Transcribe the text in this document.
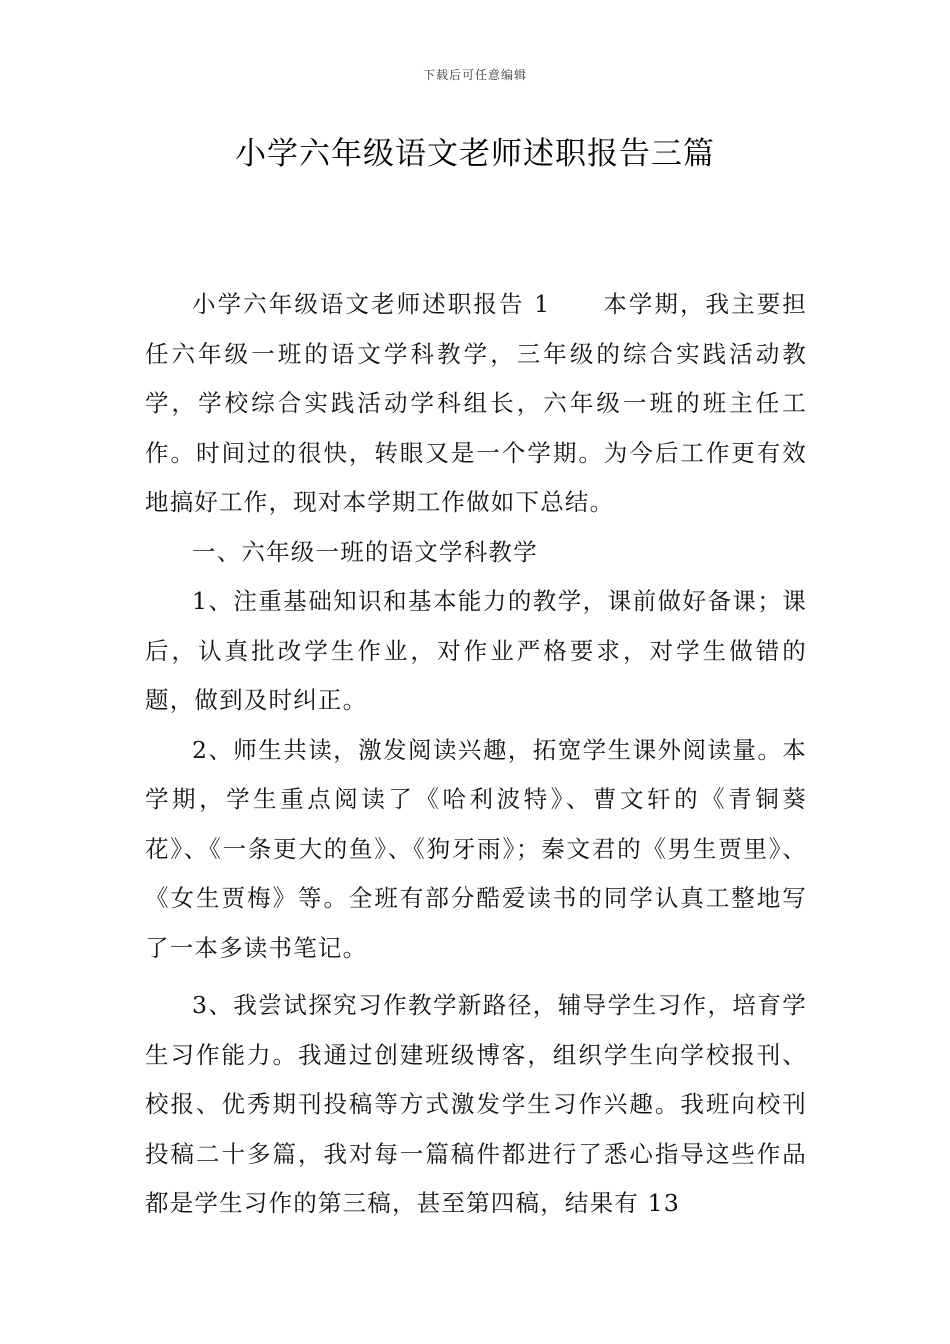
下载后可任意编辑
小学六年级语文老师述职报告三篇

小学六年级语文老师述职报告 1 本学期，我主要担任六年级一班的语文学科教学，三年级的综合实践活动教学，学校综合实践活动学科组长，六年级一班的班主任工作。时间过的很快，转眼又是一个学期。为今后工作更有效地搞好工作，现对本学期工作做如下总结。

一、六年级一班的语文学科教学

1、注重基础知识和基本能力的教学，课前做好备课；课后，认真批改学生作业，对作业严格要求，对学生做错的题，做到及时纠正。

2、师生共读，激发阅读兴趣，拓宽学生课外阅读量。本学期，学生重点阅读了《哈利波特》、曹文轩的《青铜葵花》、《一条更大的鱼》、《狗牙雨》；秦文君的《男生贾里》、《女生贾梅》等。全班有部分酷爱读书的同学认真工整地写了一本多读书笔记。

3、我尝试探究习作教学新路径，辅导学生习作，培育学生习作能力。我通过创建班级博客，组织学生向学校报刊、校报、优秀期刊投稿等方式激发学生习作兴趣。我班向校刊投稿二十多篇，我对每一篇稿件都进行了悉心指导这些作品都是学生习作的第三稿，甚至第四稿，结果有 13
